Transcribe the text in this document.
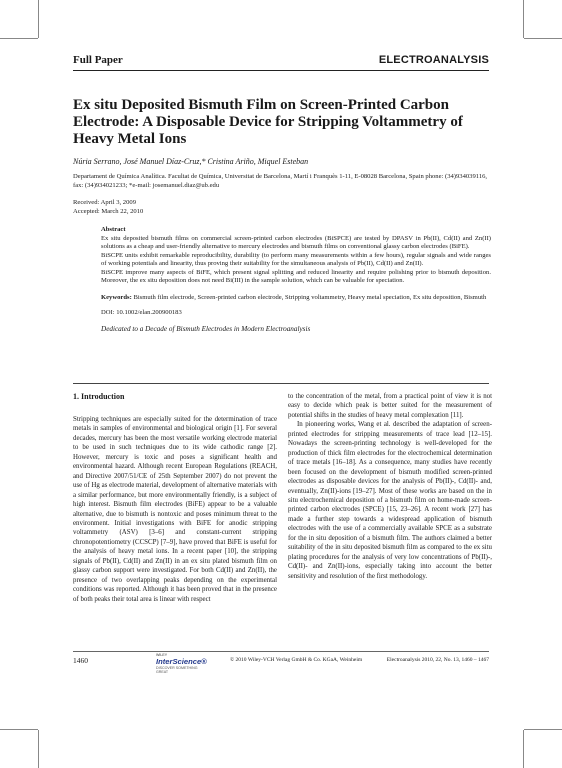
Full Paper	ELECTROANALYSIS
Ex situ Deposited Bismuth Film on Screen-Printed Carbon Electrode: A Disposable Device for Stripping Voltammetry of Heavy Metal Ions
Núria Serrano, José Manuel Díaz-Cruz,* Cristina Ariño, Miquel Esteban
Departament de Química Analítica. Facultat de Química, Universitat de Barcelona, Martí i Franquès 1-11, E-08028 Barcelona, Spain phone: (34)934039116, fax: (34)934021233; *e-mail: josemanuel.diaz@ub.edu
Received: April 3, 2009
Accepted: March 22, 2010
Abstract
Ex situ deposited bismuth films on commercial screen-printed carbon electrodes (BiSPCE) are tested by DPASV in Pb(II), Cd(II) and Zn(II) solutions as a cheap and user-friendly alternative to mercury electrodes and bismuth films on conventional glassy carbon electrodes (BiFE).
BiSCPE units exhibit remarkable reproducibility, durability (to perform many measurements within a few hours), regular signals and wide ranges of working potentials and linearity, thus proving their suitability for the simultaneous analysis of Pb(II), Cd(II) and Zn(II).
BiSCPE improve many aspects of BiFE, which present signal splitting and reduced linearity and require polishing prior to bismuth deposition. Moreover, the ex situ deposition does not need Bi(III) in the sample solution, which can be valuable for speciation.
Keywords: Bismuth film electrode, Screen-printed carbon electrode, Stripping voltammetry, Heavy metal speciation, Ex situ deposition, Bismuth
DOI: 10.1002/elan.200900183
Dedicated to a Decade of Bismuth Electrodes in Modern Electroanalysis
1. Introduction

Stripping techniques are especially suited for the determination of trace metals in samples of environmental and biological origin [1]. For several decades, mercury has been the most versatile working electrode material to be used in such techniques due to its wide cathodic range [2]. However, mercury is toxic and poses a significant health and environmental hazard. Although recent European Regulations (REACH, and Directive 2007/51/CE of 25th September 2007) do not prevent the use of Hg as electrode material, development of alternative materials with a similar performance, but more environmentally friendly, is a subject of high interest. Bismuth film electrodes (BiFE) appear to be a valuable alternative, due to bismuth is nontoxic and poses minimum threat to the environment. Initial investigations with BiFE for anodic stripping voltammetry (ASV) [3–6] and constant-current stripping chronopotentiometry (CCSCP) [7–9], have proved that BiFE is useful for the analysis of heavy metal ions. In a recent paper [10], the stripping signals of Pb(II), Cd(II) and Zn(II) in an ex situ plated bismuth film on glassy carbon support were investigated. For both Cd(II) and Zn(II), the presence of two overlapping peaks depending on the experimental conditions was reported. Although it has been proved that in the presence of both peaks their total area is linear with respect

to the concentration of the metal, from a practical point of view it is not easy to decide which peak is better suited for the measurement of potential shifts in the studies of heavy metal complexation [11].

In pioneering works, Wang et al. described the adaptation of screen-printed electrodes for stripping measurements of trace lead [12–15]. Nowadays the screen-printing technology is well-developed for the production of thick film electrodes for the electrochemical determination of trace metals [16–18]. As a consequence, many studies have recently been focused on the development of bismuth modified screen-printed electrodes as disposable devices for the analysis of Pb(II)-, Cd(II)- and, eventually, Zn(II)-ions [19–27]. Most of these works are based on the in situ electrochemical deposition of a bismuth film on home-made screen-printed carbon electrodes (SPCE) [15, 23–26]. A recent work [27] has made a further step towards a widespread application of bismuth electrodes with the use of a commercially available SPCE as a substrate for the in situ deposition of a bismuth film. The authors claimed a better suitability of the in situ deposited bismuth film as compared to the ex situ plating procedures for the analysis of very low concentrations of Pb(II)-, Cd(II)- and Zn(II)-ions, especially taking into account the better sensitivity and resolution of the first methodology.

1460
WILEY
InterScience®
DISCOVER SOMETHING GREAT
© 2010 Wiley-VCH Verlag GmbH & Co. KGaA, Weinheim	Electroanalysis 2010, 22, No. 13, 1460 – 1467
